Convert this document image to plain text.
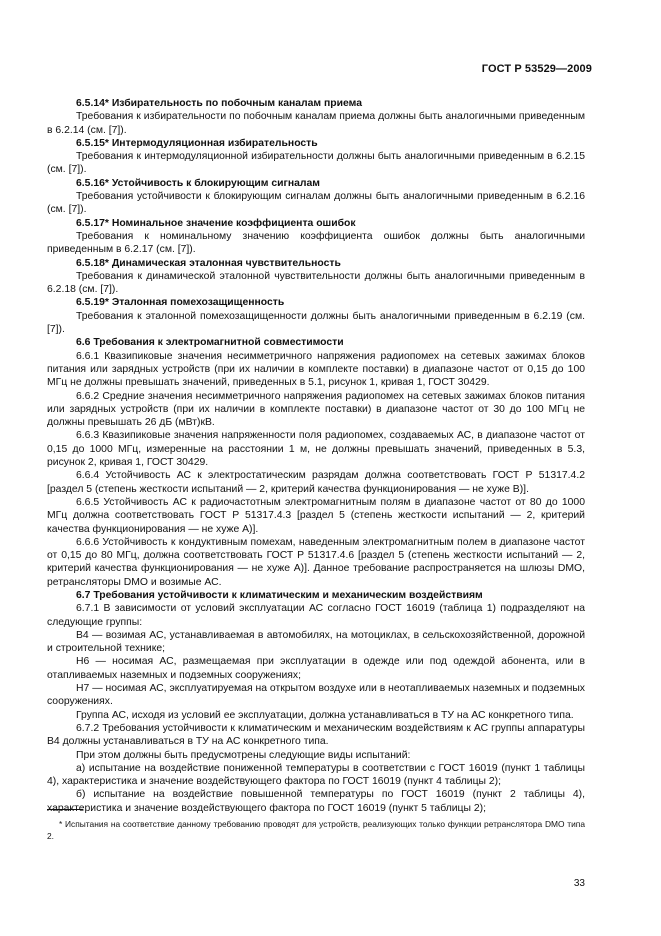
ГОСТ Р 53529—2009

6.5.14* Избирательность по побочным каналам приема

Требования к избирательности по побочным каналам приема должны быть аналогичными приведенным в 6.2.14 (см. [7]).

6.5.15* Интермодуляционная избирательность

Требования к интермодуляционной избирательности должны быть аналогичными приведенным в 6.2.15 (см. [7]).

6.5.16* Устойчивость к блокирующим сигналам

Требования устойчивости к блокирующим сигналам должны быть аналогичными приведенным в 6.2.16 (см. [7]).

6.5.17* Номинальное значение коэффициента ошибок

Требования к номинальному значению коэффициента ошибок должны быть аналогичными приведенным в 6.2.17 (см. [7]).

6.5.18* Динамическая эталонная чувствительность

Требования к динамической эталонной чувствительности должны быть аналогичными приведенным в 6.2.18 (см. [7]).

6.5.19* Эталонная помехозащищенность

Требования к эталонной помехозащищенности должны быть аналогичными приведенным в 6.2.19 (см. [7]).

6.6 Требования к электромагнитной совместимости

6.6.1 Квазипиковые значения несимметричного напряжения радиопомех на сетевых зажимах блоков питания или зарядных устройств (при их наличии в комплекте поставки) в диапазоне частот от 0,15 до 100 МГц не должны превышать значений, приведенных в 5.1, рисунок 1, кривая 1, ГОСТ 30429.

6.6.2 Средние значения несимметричного напряжения радиопомех на сетевых зажимах блоков питания или зарядных устройств (при их наличии в комплекте поставки) в диапазоне частот от 30 до 100 МГц не должны превышать 26 дБ (мВт)кВ.

6.6.3 Квазипиковые значения напряженности поля радиопомех, создаваемых АС, в диапазоне частот от 0,15 до 1000 МГц, измеренные на расстоянии 1 м, не должны превышать значений, приведенных в 5.3, рисунок 2, кривая 1, ГОСТ 30429.

6.6.4 Устойчивость АС к электростатическим разрядам должна соответствовать ГОСТ Р 51317.4.2 [раздел 5 (степень жесткости испытаний — 2, критерий качества функционирования — не хуже В)].

6.6.5 Устойчивость АС к радиочастотным электромагнитным полям в диапазоне частот от 80 до 1000 МГц должна соответствовать ГОСТ Р 51317.4.3 [раздел 5 (степень жесткости испытаний — 2, критерий качества функционирования — не хуже А)].

6.6.6 Устойчивость к кондуктивным помехам, наведенным электромагнитным полем в диапазоне частот от 0,15 до 80 МГц, должна соответствовать ГОСТ Р 51317.4.6 [раздел 5 (степень жесткости испытаний — 2, критерий качества функционирования — не хуже А)]. Данное требование распространяется на шлюзы DMO, ретрансляторы DMO и возимые АС.

6.7 Требования устойчивости к климатическим и механическим воздействиям

6.7.1 В зависимости от условий эксплуатации АС согласно ГОСТ 16019 (таблица 1) подразделяют на следующие группы:

В4 — возимая АС, устанавливаемая в автомобилях, на мотоциклах, в сельскохозяйственной, дорожной и строительной технике;

Н6 — носимая АС, размещаемая при эксплуатации в одежде или под одеждой абонента, или в отапливаемых наземных и подземных сооружениях;

Н7 — носимая АС, эксплуатируемая на открытом воздухе или в неотапливаемых наземных и подземных сооружениях.

Группа АС, исходя из условий ее эксплуатации, должна устанавливаться в ТУ на АС конкретного типа.

6.7.2 Требования устойчивости к климатическим и механическим воздействиям к АС группы аппаратуры В4 должны устанавливаться в ТУ на АС конкретного типа.

При этом должны быть предусмотрены следующие виды испытаний:

а) испытание на воздействие пониженной температуры в соответствии с ГОСТ 16019 (пункт 1 таблицы 4), характеристика и значение воздействующего фактора по ГОСТ 16019 (пункт 4 таблицы 2);

б) испытание на воздействие повышенной температуры по ГОСТ 16019 (пункт 2 таблицы 4), характеристика и значение воздействующего фактора по ГОСТ 16019 (пункт 5 таблицы 2);

* Испытания на соответствие данному требованию проводят для устройств, реализующих только функции ретранслятора DMO типа 2.

33
